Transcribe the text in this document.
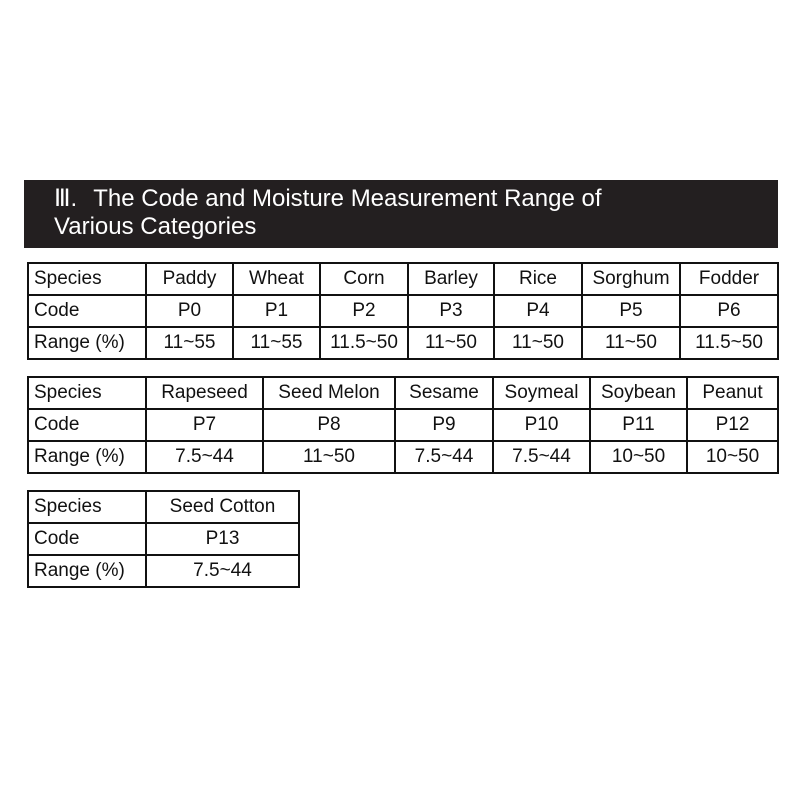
Ⅲ. The Code and Moisture Measurement Range of
Various Categories
Species	Paddy	Wheat	Corn	Barley	Rice	Sorghum	Fodder
Code	P0	P1	P2	P3	P4	P5	P6
Range (%)	11~55	11~55	11.5~50	11~50	11~50	11~50	11.5~50
Species	Rapeseed	Seed Melon	Sesame	Soymeal	Soybean	Peanut
Code	P7	P8	P9	P10	P11	P12
Range (%)	7.5~44	11~50	7.5~44	7.5~44	10~50	10~50
Species	Seed Cotton
Code	P13
Range (%)	7.5~44
